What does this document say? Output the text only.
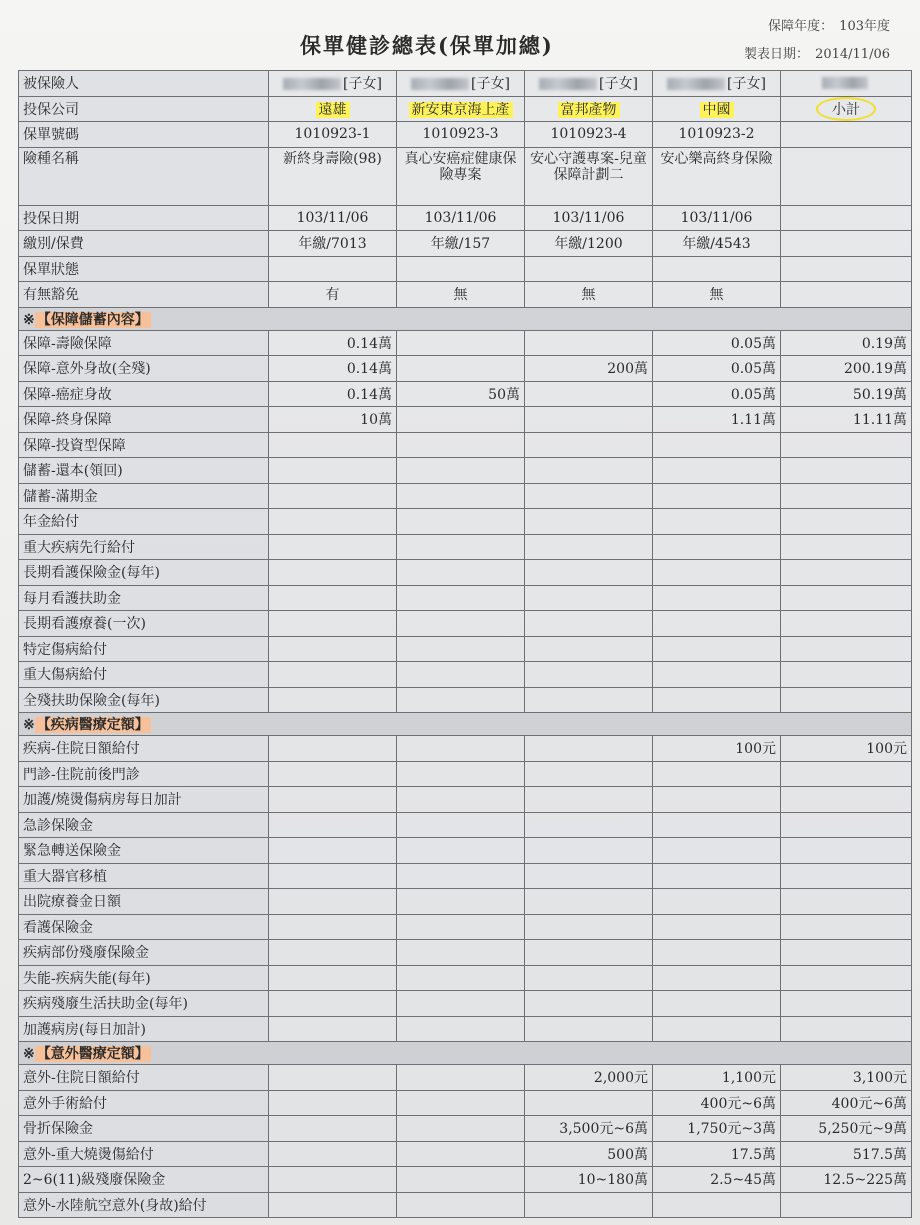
保單健診總表(保單加總)
保障年度： 103年度
製表日期： 2014/11/06
被保險人	[子女]	[子女]	[子女]	[子女]	
投保公司	遠雄	新安東京海上產	富邦產物	中國	小計
保單號碼	1010923-1	1010923-3	1010923-4	1010923-2	
險種名稱	新終身壽險(98)	真心安癌症健康保險專案	安心守護專案-兒童保障計劃二	安心樂高終身保險	
投保日期	103/11/06	103/11/06	103/11/06	103/11/06	
繳別/保費	年繳/7013	年繳/157	年繳/1200	年繳/4543	
保單狀態					
有無豁免	有	無	無	無	
※ 【保障儲蓄內容】					
保障-壽險保障	0.14萬			0.05萬	0.19萬
保障-意外身故(全殘)	0.14萬		200萬	0.05萬	200.19萬
保障-癌症身故	0.14萬	50萬		0.05萬	50.19萬
保障-終身保障	10萬			1.11萬	11.11萬
保障-投資型保障					
儲蓄-還本(領回)					
儲蓄-滿期金					
年金給付					
重大疾病先行給付					
長期看護保險金(每年)					
每月看護扶助金					
長期看護療養(一次)					
特定傷病給付					
重大傷病給付					
全殘扶助保險金(每年)					
※ 【疾病醫療定額】					
疾病-住院日額給付				100元	100元
門診-住院前後門診					
加護/燒燙傷病房每日加計					
急診保險金					
緊急轉送保險金					
重大器官移植					
出院療養金日額					
看護保險金					
疾病部份殘廢保險金					
失能-疾病失能(每年)					
疾病殘廢生活扶助金(每年)					
加護病房(每日加計)					
※ 【意外醫療定額】					
意外-住院日額給付			2,000元	1,100元	3,100元
意外手術給付				400元~6萬	400元~6萬
骨折保險金			3,500元~6萬	1,750元~3萬	5,250元~9萬
意外-重大燒燙傷給付			500萬	17.5萬	517.5萬
2~6(11)級殘廢保險金			10~180萬	2.5~45萬	12.5~225萬
意外-水陸航空意外(身故)給付					
